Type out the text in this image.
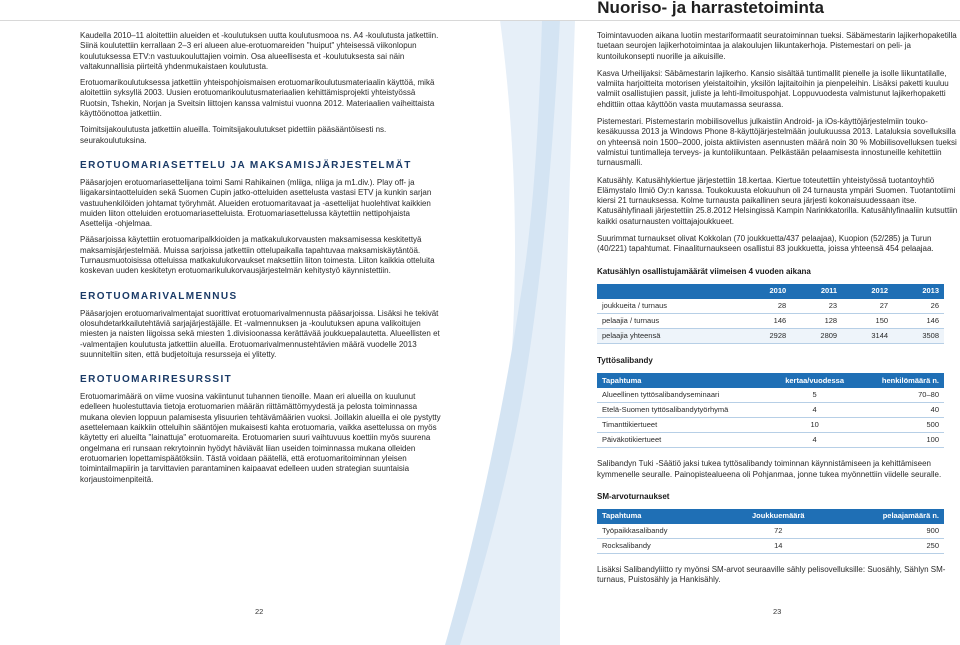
Nuoriso- ja harrastetoiminta

Kaudella 2010–11 aloitettiin alueiden et -koulutuksen uutta koulutusmooa ns. A4 -koulutusta jatkettiin. Siinä koulutettiin kerrallaan 2–3 eri alueen alue-erotuomareiden "huiput" yhteisessä viikonlopun koulutuksessa ETV:n vastuukouluttajien voimin. Osa alueellisesta et -koulutuksesta sai näin valtakunnallisia piirteitä yhdenmukaistaen koulutusta.

Erotuomarikoulutuksessa jatkettiin yhteispohjoismaisen erotuomarikoulutusmateriaalin käyttöä, mikä aloitettiin syksyllä 2003. Uusien erotuomarikoulutusmateriaalien kehittämisprojekti yhteistyössä Ruotsin, Tshekin, Norjan ja Sveitsin liittojen kanssa valmistui vuonna 2012. Materiaalien vaiheittaista käyttöönottoa jatkettiin.

Toimitsijakoulutusta jatkettiin alueilla. Toimitsijakoulutukset pidettiin pääsääntöisesti ns. seurakoulutuksina.

EROTUOMARIASETTELU JA MAKSAMISJÄRJESTELMÄT

Pääsarjojen erotuomariasettelijana toimi Sami Rahikainen (mliiga, nliiga ja m1.div.). Play off- ja liigakarsintaotteluiden sekä Suomen Cupin jatko-otteluiden asettelusta vastasi ETV ja kunkin sarjan vastuuhenkilöiden johtamat työryhmät. Alueiden erotuomaritavaat ja -asettelijat huolehtivat kaikkien muiden liiton otteluiden erotuomariasetteluista. Erotuomariasettelussa käytettiin nettipohjaista Asettelija -ohjelmaa.

Pääsarjoissa käytettiin erotuomaripalkkioiden ja matkakulukorvausten maksamisessa keskitettyä maksamisjärjestelmää. Muissa sarjoissa jatkettiin ottelupaikalla tapahtuvaa maksamiskäytäntöä. Turnausmuotoisissa otteluissa matkakulukorvaukset maksettiin liiton toimesta. Liiton kaikkia otteluita koskevan uuden keskitetyn erotuomarikulukorvausjärjestelmän kehitystyö käynnistettiin.

EROTUOMARIVALMENNUS

Pääsarjojen erotuomarivalmentajat suorittivat erotuomarivalmennusta pääsarjoissa. Lisäksi he tekivät olosuhdetarkkailutehtäviä sarjajärjestäjälle. Et -valmennuksen ja -koulutuksen apuna valikoitujen miesten ja naisten liigoissa sekä miesten 1.divisioonassa kerättävää joukkuepalautetta. Alueellisten et -valmentajien koulutusta jatkettiin alueilla. Erotuomarivalmennustehtävien määrä vuodelle 2013 suunniteltiin siten, että budjetoituja resursseja ei ylitetty.

EROTUOMARIRESURSSIT

Erotuomarimäärä on viime vuosina vakiintunut tuhannen tienoille. Maan eri alueilla on kuulunut edelleen huolestuttavia tietoja erotuomarien määrän riittämättömyydestä ja pelosta toiminnassa mukana olevien loppuun palamisesta ylisuurien tehtävämäärien vuoksi. Joillakin alueilla ei ole pystytty asettelemaan kaikkiin otteluihin sääntöjen mukaisesti kahta erotuomaria, vaikka asettelussa on myös käytetty eri alueilta "lainattuja" erotuomareita. Erotuomarien suuri vaihtuvuus koettiin myös suurena ongelmana eri runsaan rekrytoinnin hyödyt häviävät liian useiden toiminnassa mukana olleiden erotuomarien lopettamispäätöksiin. Tästä voidaan päätellä, että erotuomaritoiminnan yleisen toimintailmapiirin ja tarvittavien parantaminen kaipaavat edelleen uuden strategian suuntaisia korjaustoimenpiteitä.

Toimintavuoden aikana luotiin mestariformaatit seuratoiminnan tueksi. Säbämestarin lajikerhopaketilla tuetaan seurojen lajikerhotoimintaa ja alakoulujen liikuntakerhoja. Pistemestari on peli- ja kuntoilukonsepti nuorille ja aikuisille.

Kasva Urheilijaksi: Säbämestarin lajikerho. Kansio sisältää tuntimallit pienelle ja isolle liikuntatilalle, valmiita harjoitteita motorisen yleistaitoihin, yksilön lajitaitoihin ja pienpeleihin. Lisäksi paketti kuuluu valmiit osallistujien passit, juliste ja lehti-ilmoituspohjat. Loppuvuodesta valmistunut lajikerhopaketti ehdittiin ottaa käyttöön vasta muutamassa seurassa.

Pistemestari. Pistemestarin mobiilisovellus julkaistiin Android- ja iOs-käyttöjärjestelmiin touko-kesäkuussa 2013 ja Windows Phone 8-käyttöjärjestelmään joulukuussa 2013. Lataluksia sovelluksilla on yhteensä noin 1500–2000, joista aktiivisten asennusten määrä noin 30 % Mobiilisovelluksen tueksi valmistui tuntimalleja terveys- ja kuntoliikuntaan. Pelkästään pelaamisesta innostuneille kehitettiin turnausmalli.

Katusähly. Katusählykiertue järjestettiin 18.kertaa. Kiertue toteutettiin yhteistyössä tuotantoyhtiö Elämystalo Ilmiö Oy:n kanssa. Toukokuusta elokuuhun oli 24 turnausta ympäri Suomen. Tuotantotiimi kiersi 21 turnauksessa. Kolme turnausta paikallinen seura järjesti kokonaisuudessaan itse. Katusählyfinaali järjestettiin 25.8.2012 Helsingissä Kampin Narinkkatorilla. Katusählyfinaaliin kutsuttiin kaikki osaturnausten voittajajoukkueet.

Suurimmat turnaukset olivat Kokkolan (70 joukkuetta/437 pelaajaa), Kuopion (52/285) ja Turun (40/221) tapahtumat. Finaaliturnaukseen osallistui 83 joukkuetta, joissa yhteensä 454 pelaajaa.

Katusählyn osallistujamäärät viimeisen 4 vuoden aikana
	2010	2011	2012	2013
joukkueita / turnaus	28	23	27	26
pelaajia / turnaus	146	128	150	146
pelaajia yhteensä	2928	2809	3144	3508
Tyttösalibandy
Tapahtuma	kertaa/vuodessa	henkilömäärä n.
Alueellinen tyttösalibandyseminaari	5	70–80
Etelä-Suomen tyttösalibandytyörhymä	4	40
Timanttikiertueet	10	500
Päiväkotikiertueet	4	100

Salibandyn Tuki -Säätiö jaksi tukea tyttösalibandy toiminnan käynnistämiseen ja kehittämiseen kymmenelle seuralle. Painopistealueena oli Pohjanmaa, jonne tukea myönnettiin viidelle seuralle.

SM-arvoturnaukset
Tapahtuma	Joukkuemäärä	pelaajamäärä n.
Työpaikkasalibandy	72	900
Rocksalibandy	14	250

Lisäksi Salibandyliitto ry myönsi SM-arvot seuraaville sähly pelisovelluksille: Suosähly, Sählyn SM-turnaus, Puistosähly ja Hankisähly.

22	23
